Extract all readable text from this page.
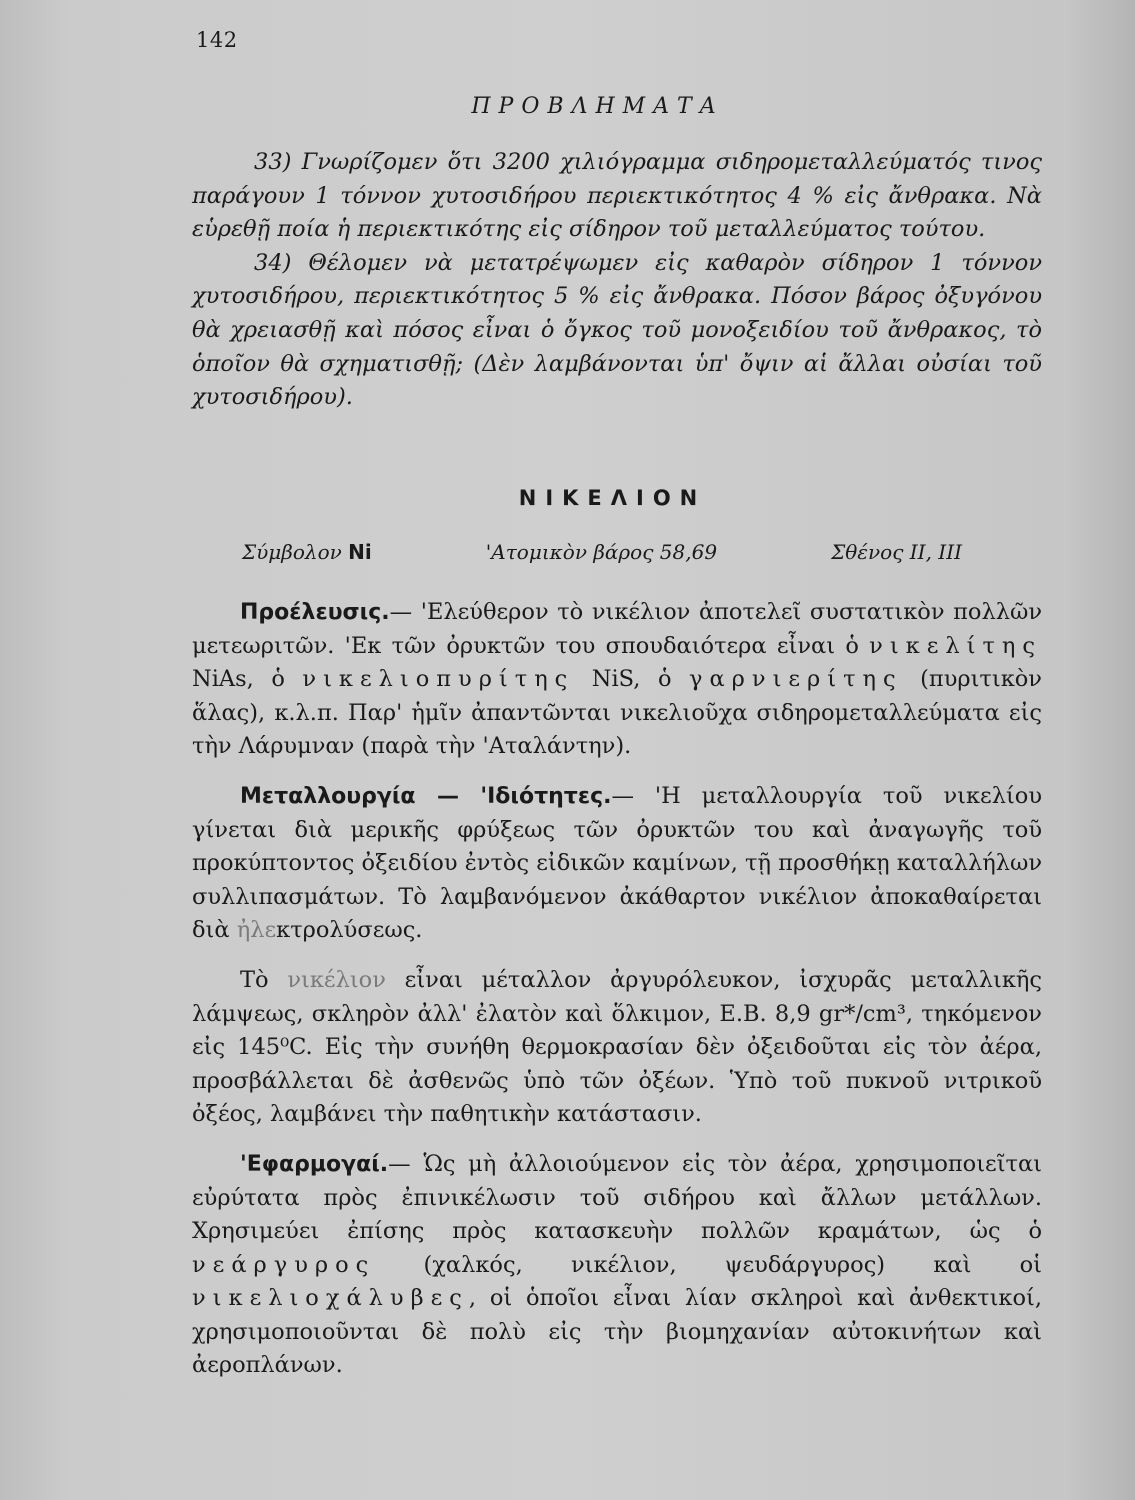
142
ΠΡΟΒΛΗΜΑΤΑ

33) Γνωρίζομεν ὅτι 3200 χιλιόγραμμα σιδηρομεταλλεύματός τινος παράγουν 1 τόννον χυτοσιδήρου περιεκτικότητος 4 % εἰς ἄνθρακα. Νὰ εὑρεθῇ ποία ἡ περιεκτικότης εἰς σίδηρον τοῦ μεταλλεύματος τούτου.

34) Θέλομεν νὰ μετατρέψωμεν εἰς καθαρὸν σίδηρον 1 τόννον χυτοσιδήρου, περιεκτικότητος 5 % εἰς ἄνθρακα. Πόσον βάρος ὀξυγόνου θὰ χρειασθῇ καὶ πόσος εἶναι ὁ ὄγκος τοῦ μονοξειδίου τοῦ ἄνθρακος, τὸ ὁποῖον θὰ σχηματισθῇ; (Δὲν λαμβάνονται ὑπ' ὄψιν αἱ ἄλλαι οὐσίαι τοῦ χυτοσιδήρου).

ΝΙΚΕΛΙΟΝ
Σύμβολον Ni	'Ατομικὸν βάρος 58,69	Σθένος II, III

Προέλευσις.— 'Ελεύθερον τὸ νικέλιον ἀποτελεῖ συστατικὸν πολλῶν μετεωριτῶν. 'Εκ τῶν ὀρυκτῶν του σπουδαιότερα εἶναι ὁ νικελίτης NiAs, ὁ νικελιοπυρίτης NiS, ὁ γαρνιερίτης (πυριτικὸν ἅλας), κ.λ.π. Παρ' ἡμῖν ἀπαντῶνται νικελιοῦχα σιδηρομεταλλεύματα εἰς τὴν Λάρυμναν (παρὰ τὴν 'Αταλάντην).

Μεταλλουργία — 'Ιδιότητες.— 'Η μεταλλουργία τοῦ νικελίου γίνεται διὰ μερικῆς φρύξεως τῶν ὀρυκτῶν του καὶ ἀναγωγῆς τοῦ προκύπτοντος ὀξειδίου ἐντὸς εἰδικῶν καμίνων, τῇ προσθήκῃ καταλλήλων συλλιπασμάτων. Τὸ λαμβανόμενον ἀκάθαρτον νικέλιον ἀποκαθαίρεται διὰ ἠλεκτρολύσεως.

Τὸ νικέλιον εἶναι μέταλλον ἀργυρόλευκον, ἰσχυρᾶς μεταλλικῆς λάμψεως, σκληρὸν ἀλλ' ἐλατὸν καὶ ὅλκιμον, Ε.Β. 8,9 gr*/cm³, τηκόμενον εἰς 145⁰C. Εἰς τὴν συνήθη θερμοκρασίαν δὲν ὀξειδοῦται εἰς τὸν ἀέρα, προσβάλλεται δὲ ἀσθενῶς ὑπὸ τῶν ὀξέων. Ὑπὸ τοῦ πυκνοῦ νιτρικοῦ ὀξέος, λαμβάνει τὴν παθητικὴν κατάστασιν.

'Εφαρμογαί.— Ὡς μὴ ἀλλοιούμενον εἰς τὸν ἀέρα, χρησιμοποιεῖται εὐρύτατα πρὸς ἐπινικέλωσιν τοῦ σιδήρου καὶ ἄλλων μετάλλων. Χρησιμεύει ἐπίσης πρὸς κατασκευὴν πολλῶν κραμάτων, ὡς ὁ νεάργυρος (χαλκός, νικέλιον, ψευδάργυρος) καὶ οἱ νικελιοχάλυβες, οἱ ὁποῖοι εἶναι λίαν σκληροὶ καὶ ἀνθεκτικοί, χρησιμοποιοῦνται δὲ πολὺ εἰς τὴν βιομηχανίαν αὐτοκινήτων καὶ ἀεροπλάνων.
